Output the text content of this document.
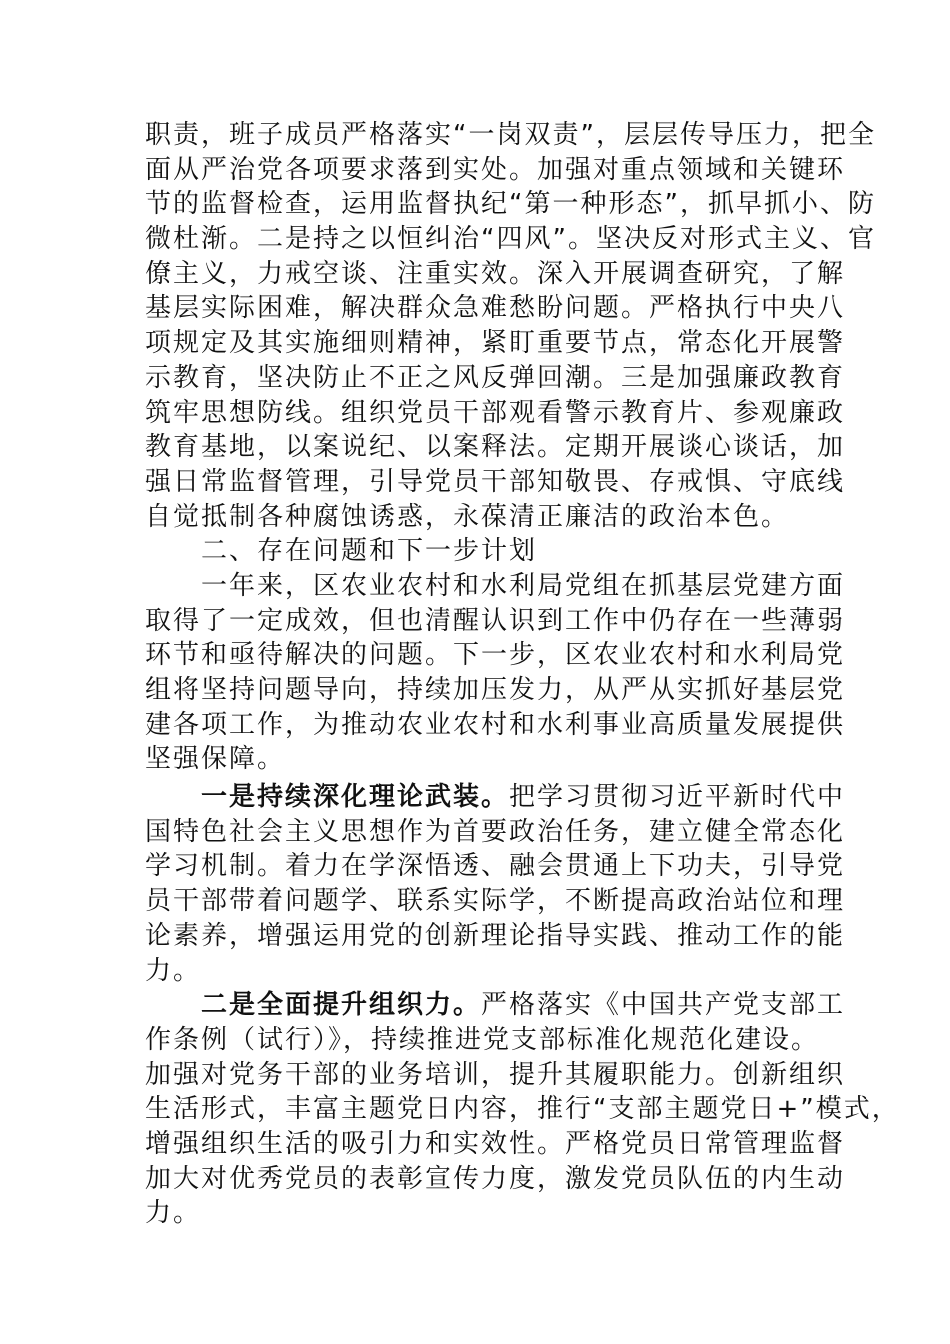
职责，班子成员严格落实“一岗双责”，层层传导压力，把全
面从严治党各项要求落到实处。加强对重点领域和关键环
节的监督检查，运用监督执纪“第一种形态”，抓早抓小、防
微杜渐。二是持之以恒纠治“四风”。坚决反对形式主义、官
僚主义，力戒空谈、注重实效。深入开展调查研究，了解
基层实际困难，解决群众急难愁盼问题。严格执行中央八
项规定及其实施细则精神，紧盯重要节点，常态化开展警
示教育，坚决防止不正之风反弹回潮。三是加强廉政教育
筑牢思想防线。组织党员干部观看警示教育片、参观廉政
教育基地，以案说纪、以案释法。定期开展谈心谈话，加
强日常监督管理，引导党员干部知敬畏、存戒惧、守底线
自觉抵制各种腐蚀诱惑，永葆清正廉洁的政治本色。
二、存在问题和下一步计划
一年来，区农业农村和水利局党组在抓基层党建方面
取得了一定成效，但也清醒认识到工作中仍存在一些薄弱
环节和亟待解决的问题。下一步，区农业农村和水利局党
组将坚持问题导向，持续加压发力，从严从实抓好基层党
建各项工作，为推动农业农村和水利事业高质量发展提供
坚强保障。
一是持续深化理论武装。把学习贯彻习近平新时代中
国特色社会主义思想作为首要政治任务，建立健全常态化
学习机制。着力在学深悟透、融会贯通上下功夫，引导党
员干部带着问题学、联系实际学，不断提高政治站位和理
论素养，增强运用党的创新理论指导实践、推动工作的能
力。
二是全面提升组织力。严格落实《中国共产党支部工
作条例（试行）》，持续推进党支部标准化规范化建设。
加强对党务干部的业务培训，提升其履职能力。创新组织
生活形式，丰富主题党日内容，推行“支部主题党日+”模式，
增强组织生活的吸引力和实效性。严格党员日常管理监督
加大对优秀党员的表彰宣传力度，激发党员队伍的内生动
力。
